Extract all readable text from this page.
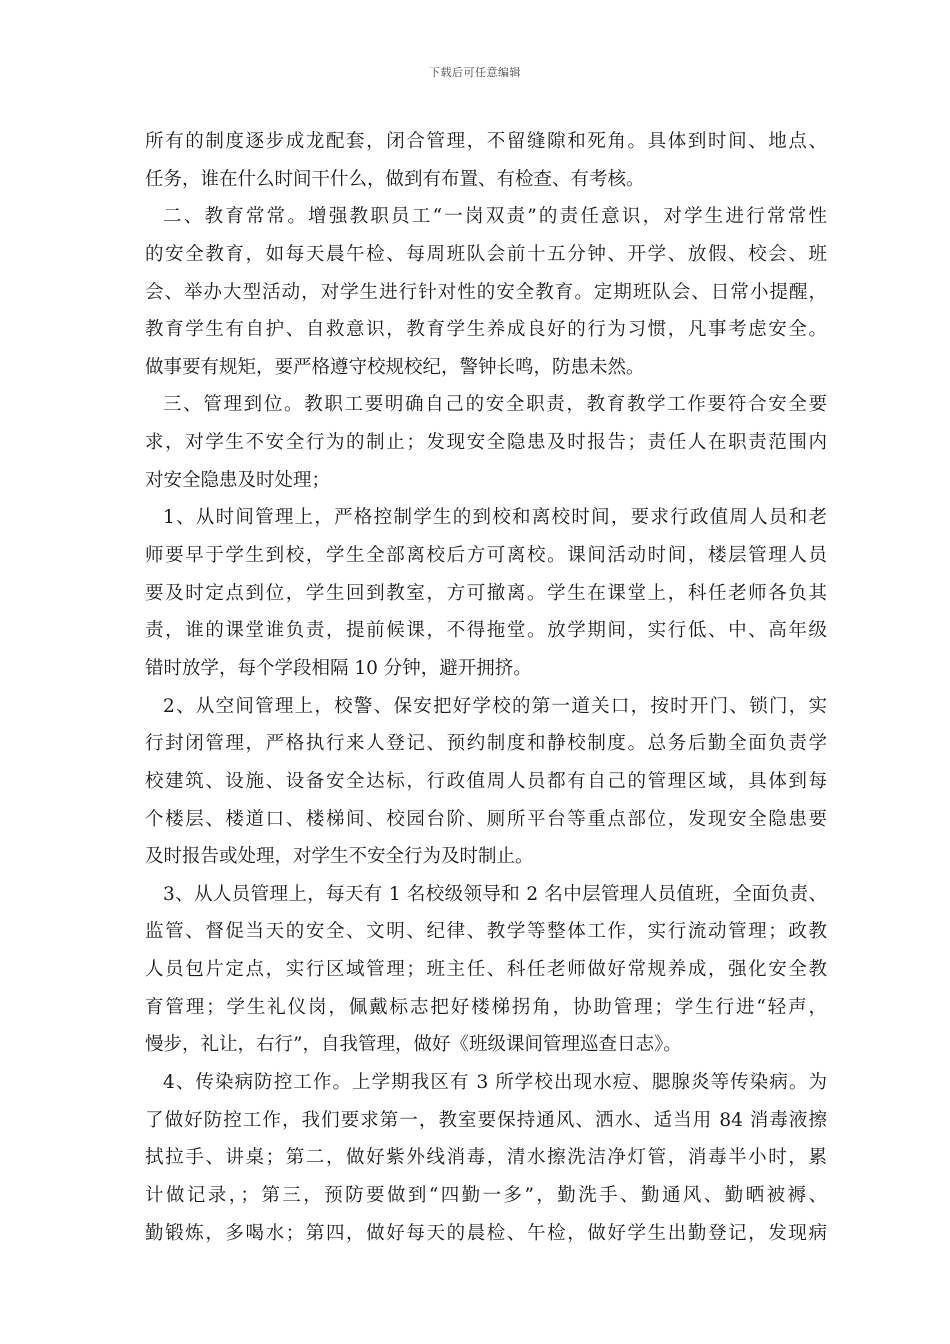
下载后可任意编辑
所有的制度逐步成龙配套，闭合管理，不留缝隙和死角。具体到时间、地点、
任务，谁在什么时间干什么，做到有布置、有检查、有考核。
二、教育常常。增强教职员工“一岗双责”的责任意识，对学生进行常常性
的安全教育，如每天晨午检、每周班队会前十五分钟、开学、放假、校会、班
会、举办大型活动，对学生进行针对性的安全教育。定期班队会、日常小提醒，
教育学生有自护、自救意识，教育学生养成良好的行为习惯，凡事考虑安全。
做事要有规矩，要严格遵守校规校纪，警钟长鸣，防患未然。
三、管理到位。教职工要明确自己的安全职责，教育教学工作要符合安全要
求，对学生不安全行为的制止；发现安全隐患及时报告；责任人在职责范围内
对安全隐患及时处理；
1、从时间管理上，严格控制学生的到校和离校时间，要求行政值周人员和老
师要早于学生到校，学生全部离校后方可离校。课间活动时间，楼层管理人员
要及时定点到位，学生回到教室，方可撤离。学生在课堂上，科任老师各负其
责，谁的课堂谁负责，提前候课，不得拖堂。放学期间，实行低、中、高年级
错时放学，每个学段相隔 10 分钟，避开拥挤。
2、从空间管理上，校警、保安把好学校的第一道关口，按时开门、锁门，实
行封闭管理，严格执行来人登记、预约制度和静校制度。总务后勤全面负责学
校建筑、设施、设备安全达标，行政值周人员都有自己的管理区域，具体到每
个楼层、楼道口、楼梯间、校园台阶、厕所平台等重点部位，发现安全隐患要
及时报告或处理，对学生不安全行为及时制止。
3、从人员管理上，每天有 1 名校级领导和 2 名中层管理人员值班，全面负责、
监管、督促当天的安全、文明、纪律、教学等整体工作，实行流动管理；政教
人员包片定点，实行区域管理；班主任、科任老师做好常规养成，强化安全教
育管理；学生礼仪岗，佩戴标志把好楼梯拐角，协助管理；学生行进“轻声，
慢步，礼让，右行”，自我管理，做好《班级课间管理巡查日志》。
4、传染病防控工作。上学期我区有 3 所学校出现水痘、腮腺炎等传染病。为
了做好防控工作，我们要求第一，教室要保持通风、洒水、适当用 84 消毒液擦
拭拉手、讲桌；第二，做好紫外线消毒，清水擦洗洁净灯管，消毒半小时，累
计做记录，；第三，预防要做到“四勤一多”，勤洗手、勤通风、勤晒被褥、
勤锻炼，多喝水；第四，做好每天的晨检、午检，做好学生出勤登记，发现病
